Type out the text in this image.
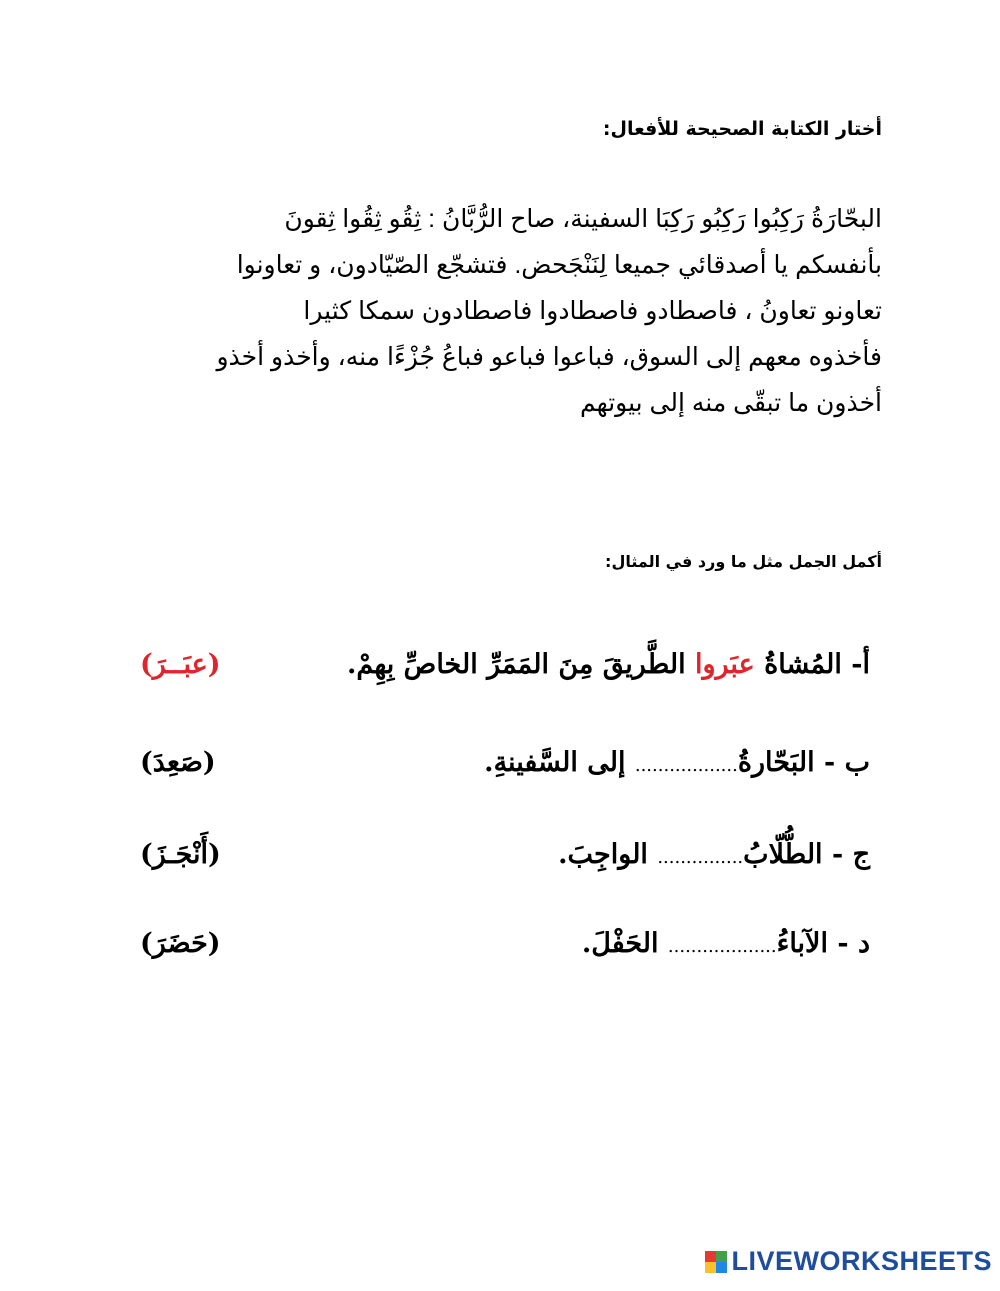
أختار الكتابة الصحيحة للأفعال:
البحّارَةُ رَكِبُوا رَكِبُو رَكِبَا السفينة، صاح الرُّبَّانُ : ثِقُو ثِقُوا ثِقونَ
بأنفسكم يا أصدقائي جميعا لِنَنْجَحض. فتشجّع الصّيّادون، و تعاونوا
تعاونو تعاونُ ، فاصطادو فاصطادوا فاصطادون سمكا كثيرا
فأخذوه معهم إلى السوق، فباعوا فباعو فباعُ جُزْءًا منه، وأخذو أخذو
أخذون ما تبقّى منه إلى بيوتهم
أكمل الجمل مثل ما ورد في المثال:
أ- المُشاةُ عبَروا الطَّريقَ مِنَ المَمَرِّ الخاصِّ بِهِمْ.
(عبَــرَ)
ب - البَحّارةُ.................. إلى السَّفينةِ.
(صَعِدَ)
ج - الطُّلّابُ............... الواجِبَ.
(أَنْجَـزَ)
د - الآباءُ................... الحَفْلَ.
(حَضَرَ)
LIVEWORKSHEETS
